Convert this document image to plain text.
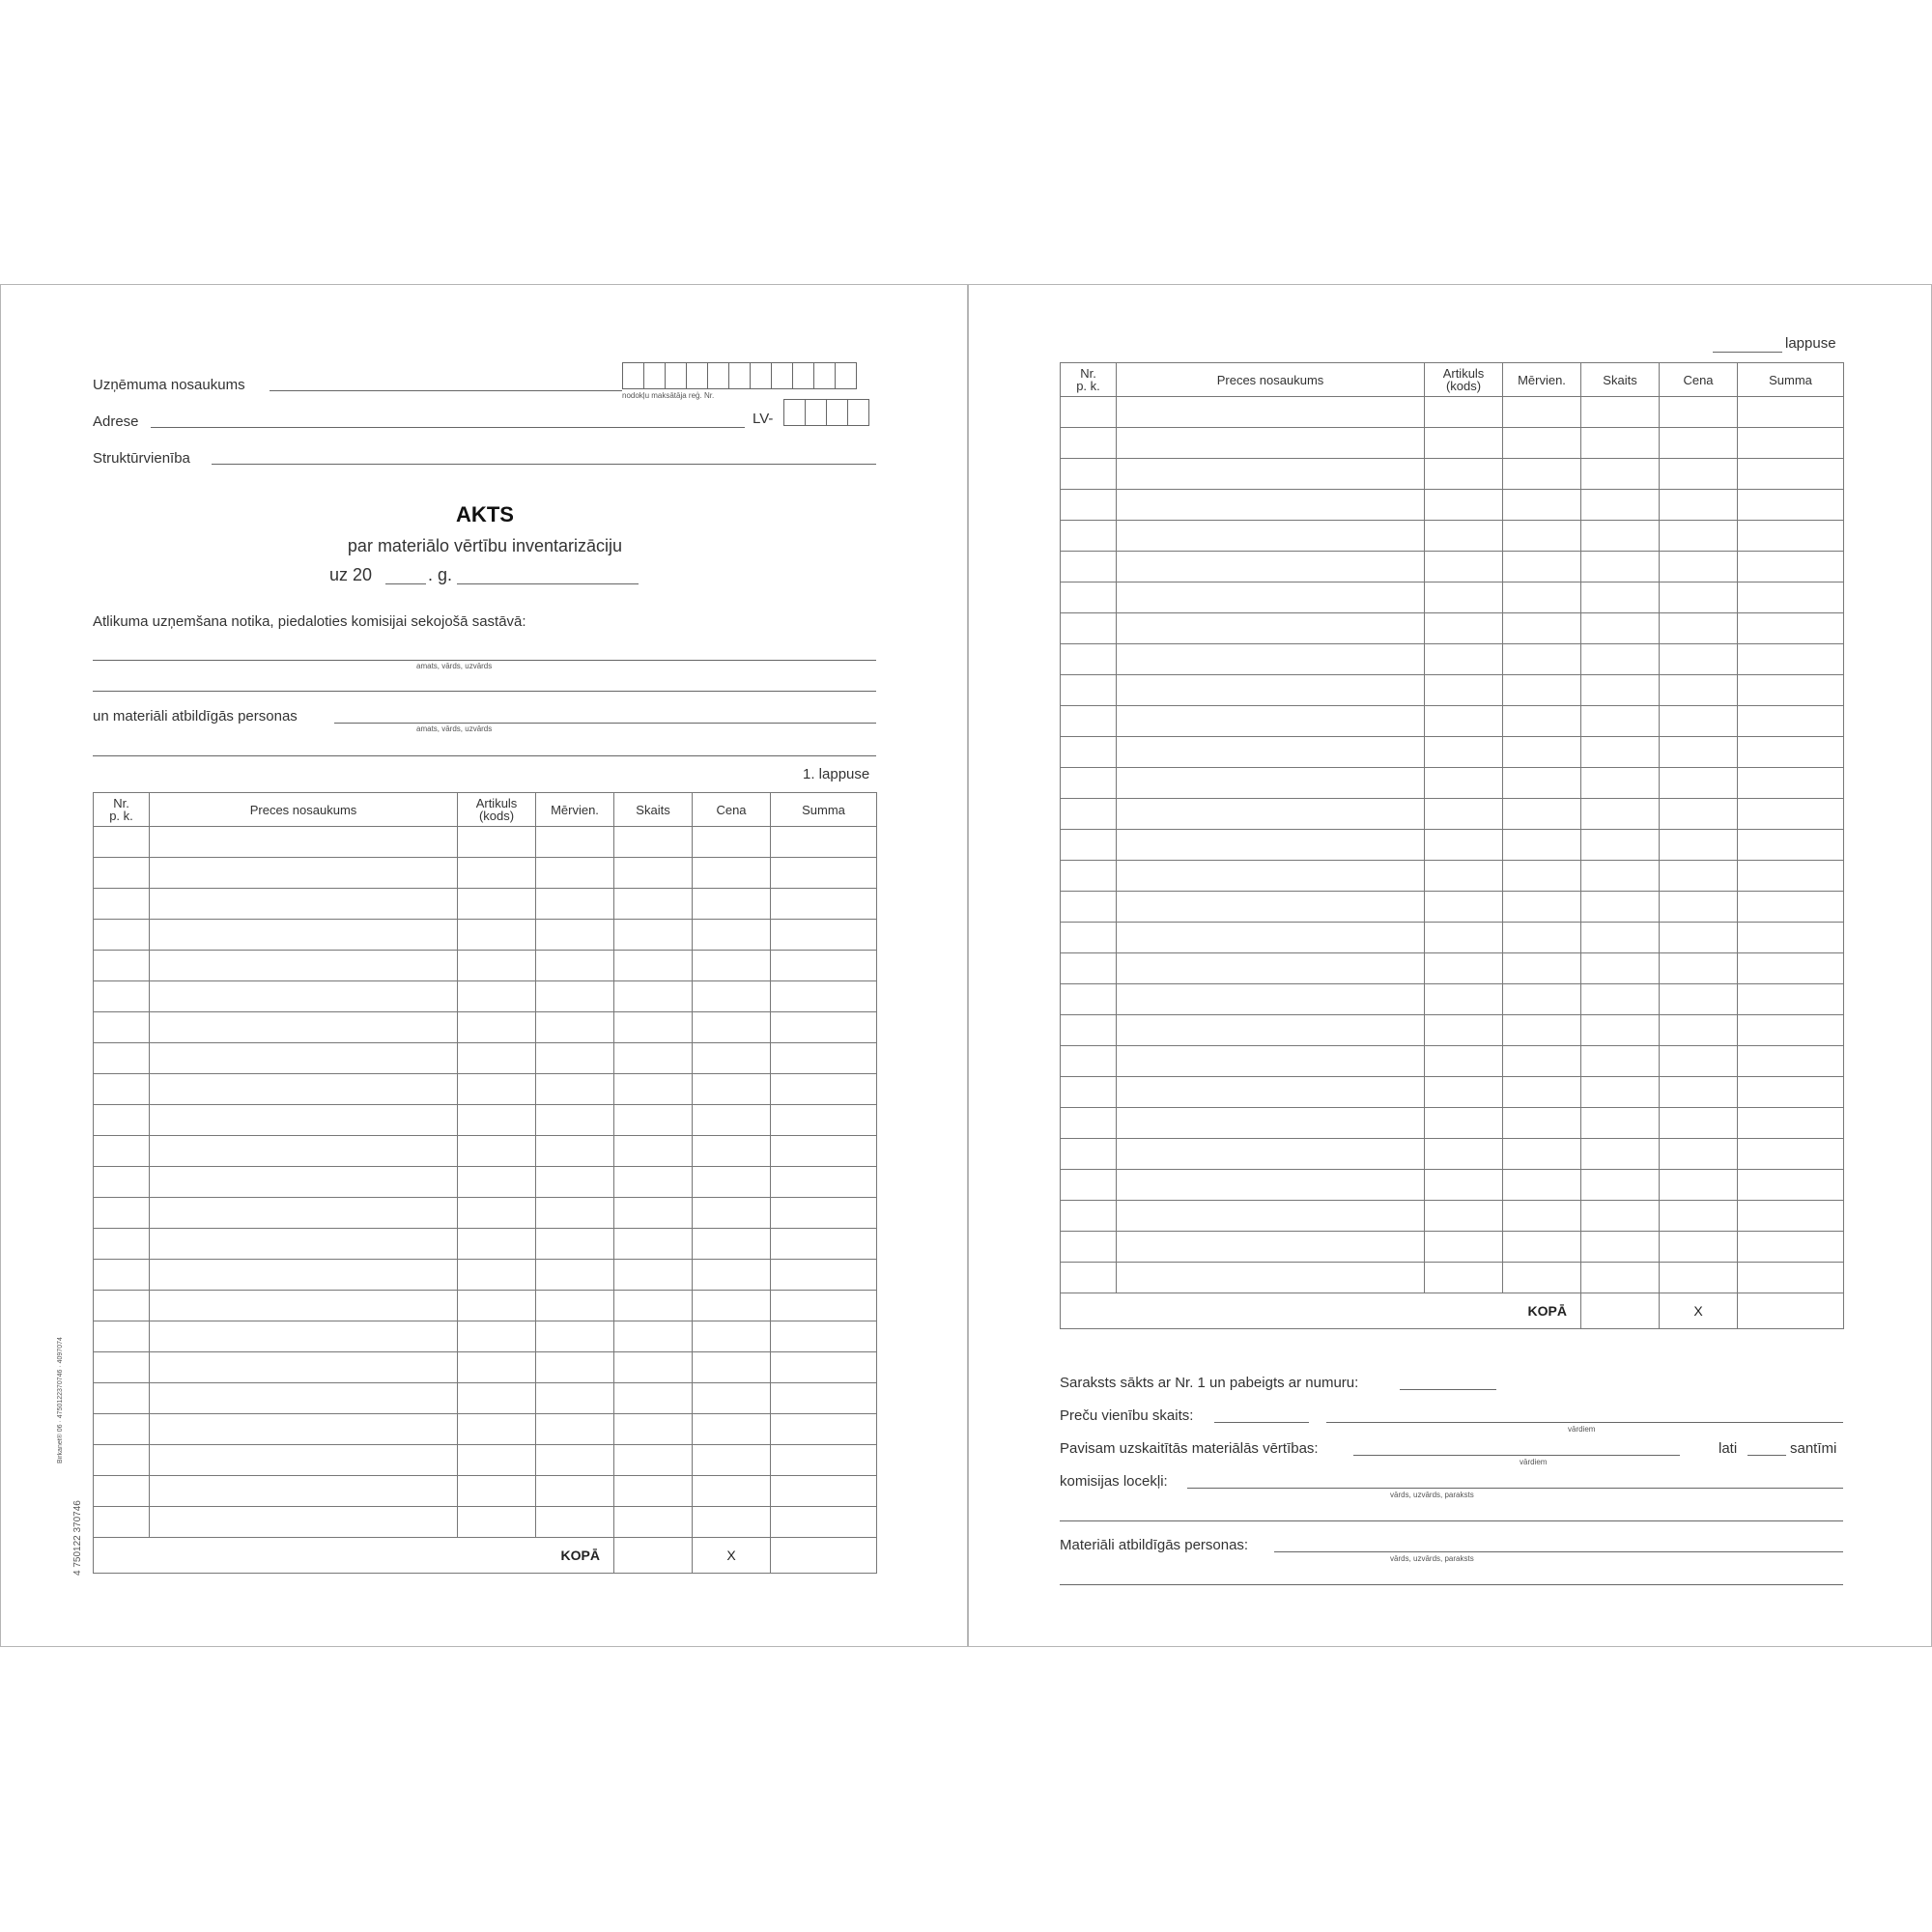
Uzņēmuma nosaukums
nodokļu maksātāja reģ. Nr.
Adrese	LV-
Struktūrvienība
AKTS
par materiālo vērtību inventarizāciju
uz 20	. g.
Atlikuma uzņemšana notika, piedaloties komisijai sekojošā sastāvā:
amats, vārds, uzvārds
un materiāli atbildīgās personas
amats, vārds, uzvārds
1. lappuse
Nr.
p. k.	Preces nosaukums	Artikuls
(kods)	Mērvien.	Skaits	Cena	Summa

KOPĀ					X	
4 750122 370746
Birkanet® 06 · 4750122370746 · 4097074
lappuse
Nr.
p. k.	Preces nosaukums	Artikuls
(kods)	Mērvien.	Skaits	Cena	Summa

KOPĀ					X	
Saraksts sākts ar Nr. 1 un pabeigts ar numuru:
Preču vienību skaits:
vārdiem
Pavisam uzskaitītās materiālās vērtības:
vārdiem
lati	santīmi
komisijas locekļi:
vārds, uzvārds, paraksts
Materiāli atbildīgās personas:
vārds, uzvārds, paraksts
